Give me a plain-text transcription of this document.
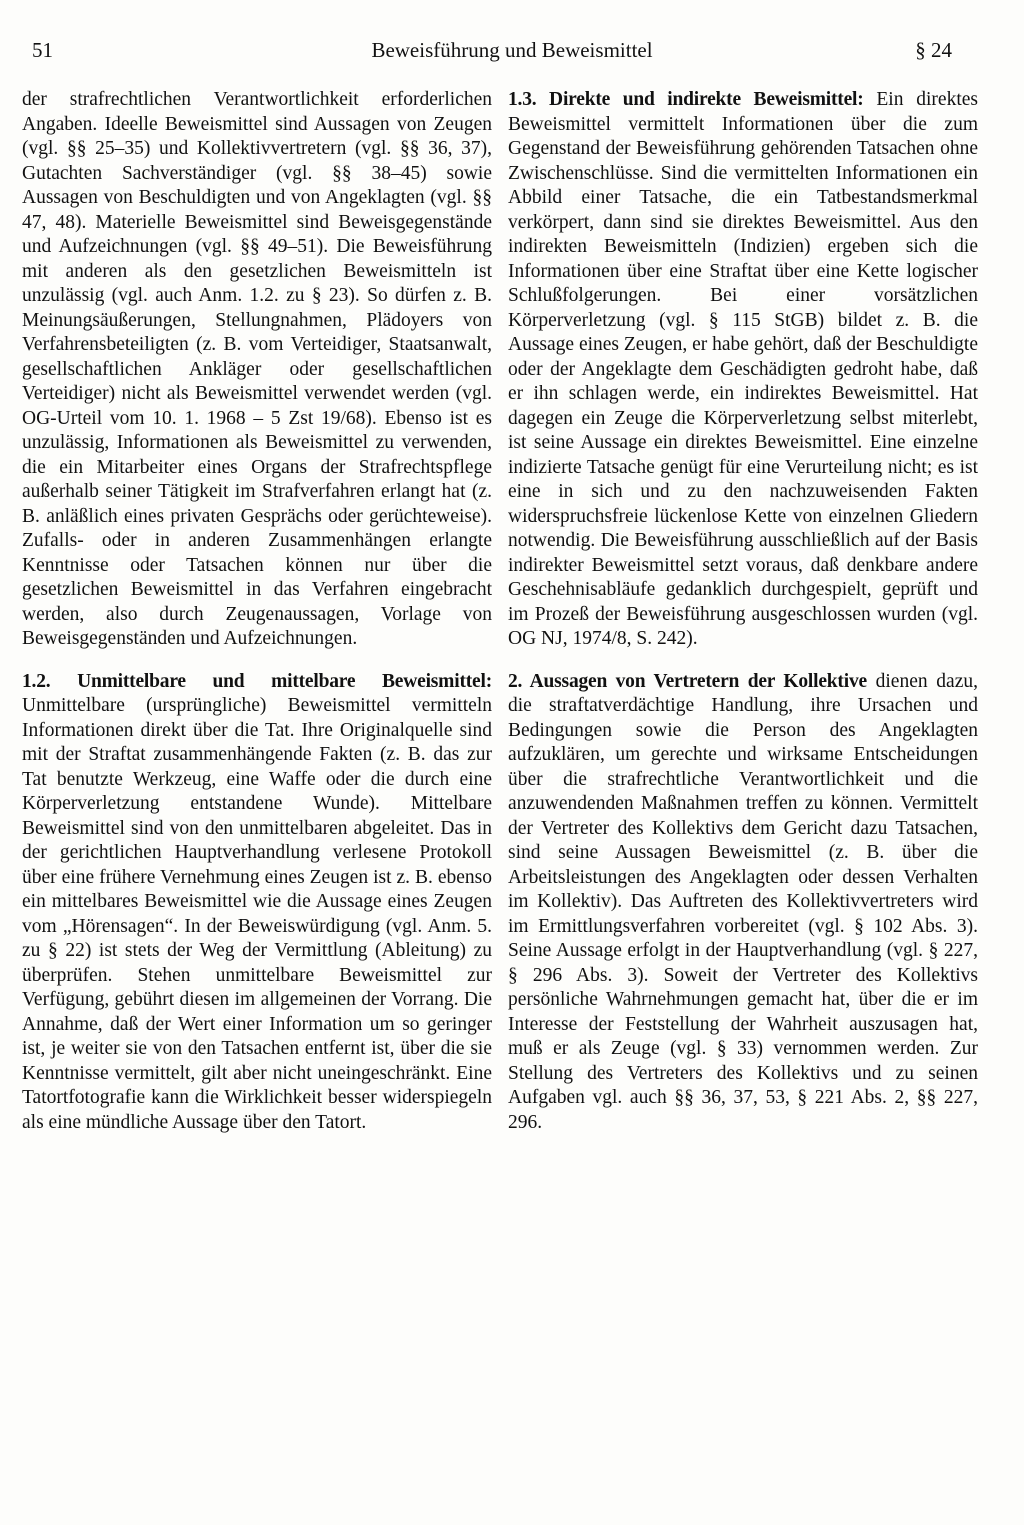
51	Beweisführung und Beweismittel	§ 24

der strafrechtlichen Verantwortlichkeit erforderlichen Angaben. Ideelle Beweismittel sind Aussagen von Zeugen (vgl. §§ 25–35) und Kollektivvertretern (vgl. §§ 36, 37), Gutachten Sachverständiger (vgl. §§ 38–45) sowie Aussagen von Beschuldigten und von Angeklagten (vgl. §§ 47, 48). Materielle Beweismittel sind Beweisgegenstände und Aufzeichnungen (vgl. §§ 49–51). Die Beweisführung mit anderen als den gesetzlichen Beweismitteln ist unzulässig (vgl. auch Anm. 1.2. zu § 23). So dürfen z. B. Meinungsäußerungen, Stellungnahmen, Plädoyers von Verfahrensbeteiligten (z. B. vom Verteidiger, Staatsanwalt, gesellschaftlichen Ankläger oder gesellschaftlichen Verteidiger) nicht als Beweismittel verwendet werden (vgl. OG-Urteil vom 10. 1. 1968 – 5 Zst 19/68). Ebenso ist es unzulässig, Informationen als Beweismittel zu verwenden, die ein Mitarbeiter eines Organs der Strafrechtspflege außerhalb seiner Tätigkeit im Strafverfahren erlangt hat (z. B. anläßlich eines privaten Gesprächs oder gerüchteweise). Zufalls- oder in anderen Zusammenhängen erlangte Kenntnisse oder Tatsachen können nur über die gesetzlichen Beweismittel in das Verfahren eingebracht werden, also durch Zeugenaussagen, Vorlage von Beweisgegenständen und Aufzeichnungen.

1.2. Unmittelbare und mittelbare Beweismittel: Unmittelbare (ursprüngliche) Beweismittel vermitteln Informationen direkt über die Tat. Ihre Originalquelle sind mit der Straftat zusammenhängende Fakten (z. B. das zur Tat benutzte Werkzeug, eine Waffe oder die durch eine Körperverletzung entstandene Wunde). Mittelbare Beweismittel sind von den unmittelbaren abgeleitet. Das in der gerichtlichen Hauptverhandlung verlesene Protokoll über eine frühere Vernehmung eines Zeugen ist z. B. ebenso ein mittelbares Beweismittel wie die Aussage eines Zeugen vom „Hörensagen“. In der Beweiswürdigung (vgl. Anm. 5. zu § 22) ist stets der Weg der Vermittlung (Ableitung) zu überprüfen. Stehen unmittelbare Beweismittel zur Verfügung, gebührt diesen im allgemeinen der Vorrang. Die Annahme, daß der Wert einer Information um so geringer ist, je weiter sie von den Tatsachen entfernt ist, über die sie Kenntnisse vermittelt, gilt aber nicht uneingeschränkt. Eine Tatortfotografie kann die Wirklichkeit besser widerspiegeln als eine mündliche Aussage über den Tatort.

1.3. Direkte und indirekte Beweismittel: Ein direktes Beweismittel vermittelt Informationen über die zum Gegenstand der Beweisführung gehörenden Tatsachen ohne Zwischenschlüsse. Sind die vermittelten Informationen ein Abbild einer Tatsache, die ein Tatbestandsmerkmal verkörpert, dann sind sie direktes Beweismittel. Aus den indirekten Beweismitteln (Indizien) ergeben sich die Informationen über eine Straftat über eine Kette logischer Schlußfolgerungen. Bei einer vorsätzlichen Körperverletzung (vgl. § 115 StGB) bildet z. B. die Aussage eines Zeugen, er habe gehört, daß der Beschuldigte oder der Angeklagte dem Geschädigten gedroht habe, daß er ihn schlagen werde, ein indirektes Beweismittel. Hat dagegen ein Zeuge die Körperverletzung selbst miterlebt, ist seine Aussage ein direktes Beweismittel. Eine einzelne indizierte Tatsache genügt für eine Verurteilung nicht; es ist eine in sich und zu den nachzuweisenden Fakten widerspruchsfreie lückenlose Kette von einzelnen Gliedern notwendig. Die Beweisführung ausschließlich auf der Basis indirekter Beweismittel setzt voraus, daß denkbare andere Geschehnisabläufe gedanklich durchgespielt, geprüft und im Prozeß der Beweisführung ausgeschlossen wurden (vgl. OG NJ, 1974/8, S. 242).

2. Aussagen von Vertretern der Kollektive dienen dazu, die straftatverdächtige Handlung, ihre Ursachen und Bedingungen sowie die Person des Angeklagten aufzuklären, um gerechte und wirksame Entscheidungen über die strafrechtliche Verantwortlichkeit und die anzuwendenden Maßnahmen treffen zu können. Vermittelt der Vertreter des Kollektivs dem Gericht dazu Tatsachen, sind seine Aussagen Beweismittel (z. B. über die Arbeitsleistungen des Angeklagten oder dessen Verhalten im Kollektiv). Das Auftreten des Kollektivvertreters wird im Ermittlungsverfahren vorbereitet (vgl. § 102 Abs. 3). Seine Aussage erfolgt in der Hauptverhandlung (vgl. § 227, § 296 Abs. 3). Soweit der Vertreter des Kollektivs persönliche Wahrnehmungen gemacht hat, über die er im Interesse der Feststellung der Wahrheit auszusagen hat, muß er als Zeuge (vgl. § 33) vernommen werden. Zur Stellung des Vertreters des Kollektivs und zu seinen Aufgaben vgl. auch §§ 36, 37, 53, § 221 Abs. 2, §§ 227, 296.
